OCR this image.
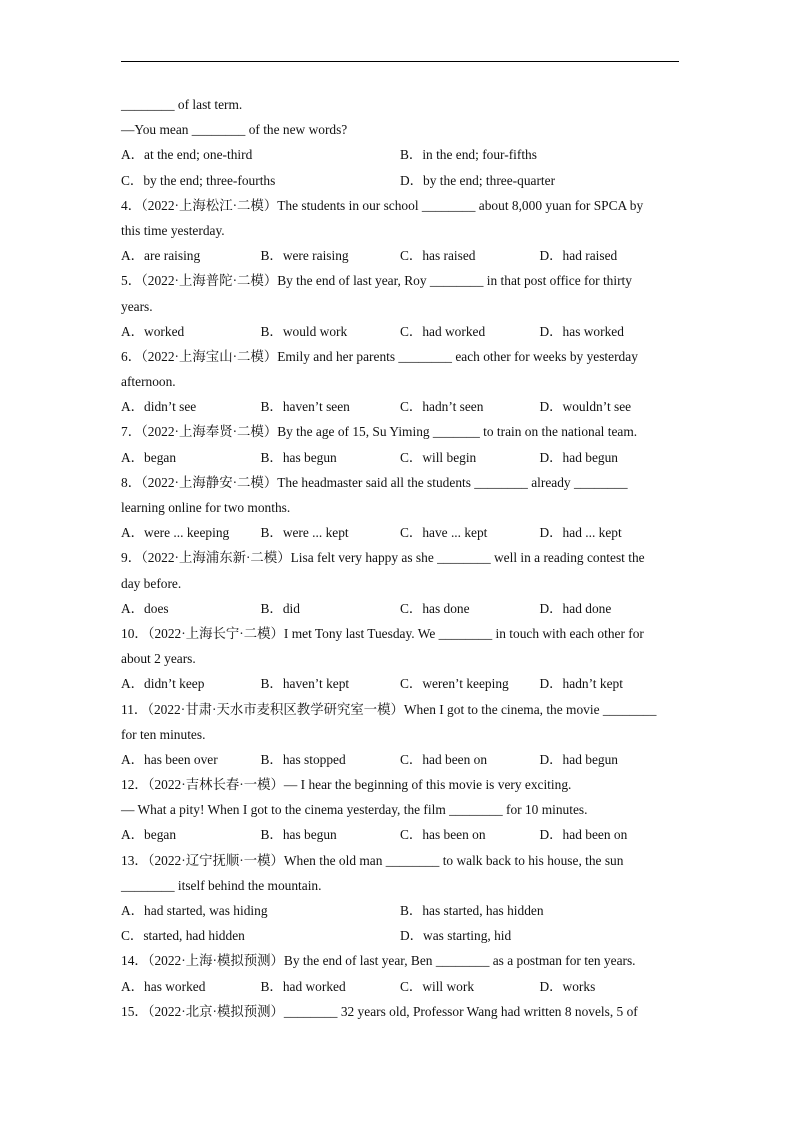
________ of last term.
—You mean ________ of the new words?
A．at the end; one-third	B．in the end; four-fifths
C．by the end; three-fourths	D．by the end; three-quarter
4．（2022·上海松江·二模）The students in our school ________ about 8,000 yuan for SPCA by
this time yesterday.
A．are raising	B．were raising	C．has raised	D．had raised
5．（2022·上海普陀·二模）By the end of last year, Roy ________ in that post office for thirty
years.
A．worked	B．would work	C．had worked	D．has worked
6．（2022·上海宝山·二模）Emily and her parents ________ each other for weeks by yesterday
afternoon.
A．didn’t see	B．haven’t seen	C．hadn’t seen	D．wouldn’t see
7．（2022·上海奉贤·二模）By the age of 15, Su Yiming _______ to train on the national team.
A．began	B．has begun	C．will begin	D．had begun
8．（2022·上海静安·二模）The headmaster said all the students ________ already ________
learning online for two months.
A．were ... keeping	B．were ... kept	C．have ... kept	D．had ... kept
9．（2022·上海浦东新·二模）Lisa felt very happy as she ________ well in a reading contest the
day before.
A．does	B．did	C．has done	D．had done
10．（2022·上海长宁·二模）I met Tony last Tuesday. We ________ in touch with each other for
about 2 years.
A．didn’t keep	B．haven’t kept	C．weren’t keeping	D．hadn’t kept
11．（2022·甘肃·天水市麦积区教学研究室一模）When I got to the cinema, the movie ________
for ten minutes.
A．has been over	B．has stopped	C．had been on	D．had begun
12．（2022·吉林长春·一模）— I hear the beginning of this movie is very exciting.
— What a pity! When I got to the cinema yesterday, the film ________ for 10 minutes.
A．began	B．has begun	C．has been on	D．had been on
13．（2022·辽宁抚顺·一模）When the old man ________ to walk back to his house, the sun
________ itself behind the mountain.
A．had started, was hiding	B．has started, has hidden
C．started, had hidden	D．was starting, hid
14．（2022·上海·模拟预测）By the end of last year, Ben ________ as a postman for ten years.
A．has worked	B．had worked	C．will work	D．works
15．（2022·北京·模拟预测）________ 32 years old, Professor Wang had written 8 novels, 5 of
